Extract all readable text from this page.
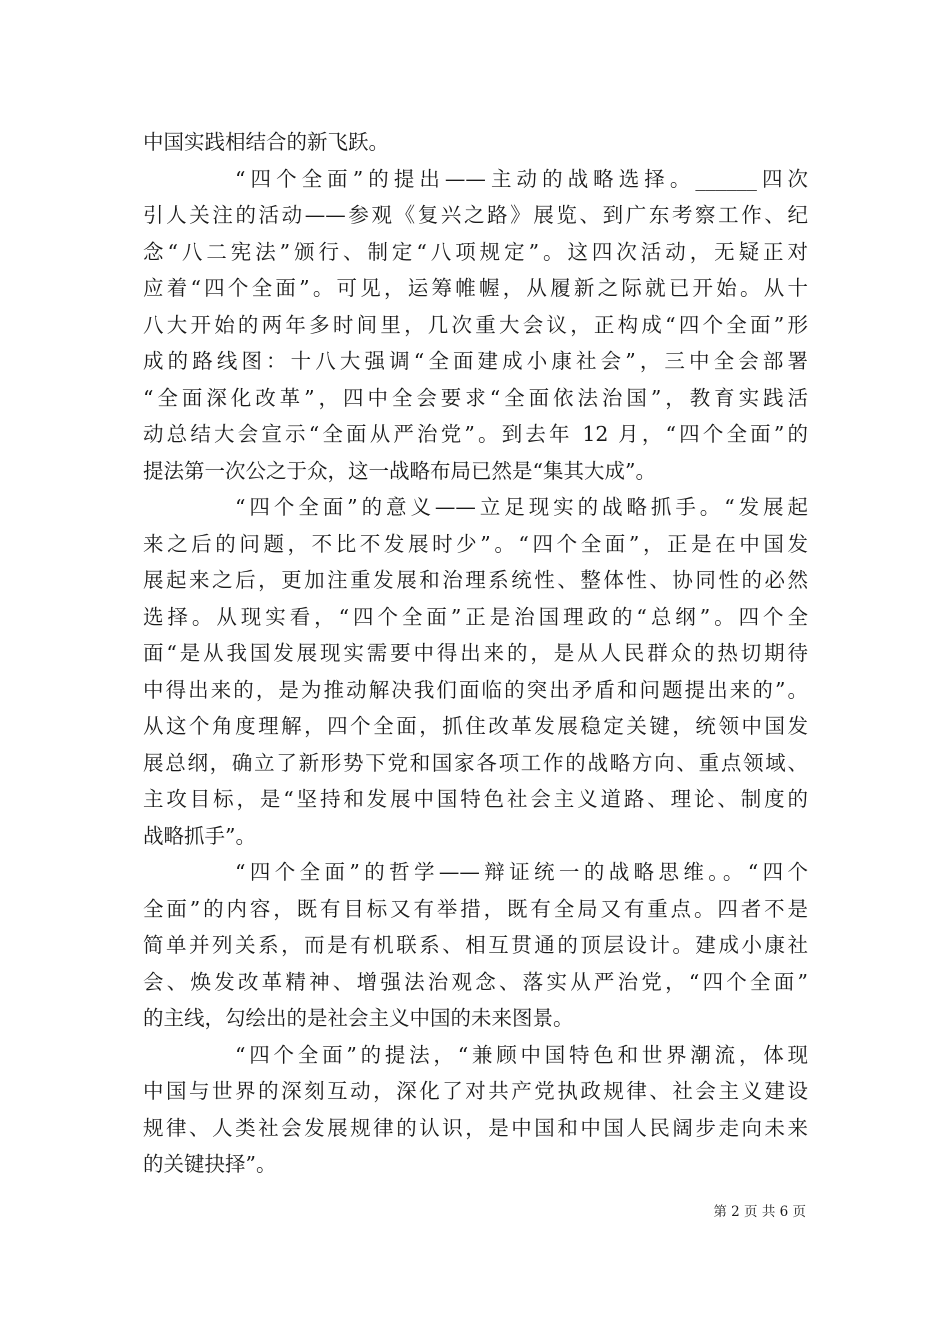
中国实践相结合的新飞跃。
“四个全面”的提出——主动的战略选择。______四次
引人关注的活动——参观《复兴之路》展览、到广东考察工作、纪
念“八二宪法”颁行、制定“八项规定”。这四次活动，无疑正对
应着“四个全面”。可见，运筹帷幄，从履新之际就已开始。从十
八大开始的两年多时间里，几次重大会议，正构成“四个全面”形
成的路线图：十八大强调“全面建成小康社会”，三中全会部署
“全面深化改革”，四中全会要求“全面依法治国”，教育实践活
动总结大会宣示“全面从严治党”。到去年 12 月，“四个全面”的
提法第一次公之于众，这一战略布局已然是“集其大成”。
“四个全面”的意义——立足现实的战略抓手。“发展起
来之后的问题，不比不发展时少”。“四个全面”，正是在中国发
展起来之后，更加注重发展和治理系统性、整体性、协同性的必然
选择。从现实看，“四个全面”正是治国理政的“总纲”。四个全
面“是从我国发展现实需要中得出来的，是从人民群众的热切期待
中得出来的，是为推动解决我们面临的突出矛盾和问题提出来的”。
从这个角度理解，四个全面，抓住改革发展稳定关键，统领中国发
展总纲，确立了新形势下党和国家各项工作的战略方向、重点领域、
主攻目标，是“坚持和发展中国特色社会主义道路、理论、制度的
战略抓手”。
“四个全面”的哲学——辩证统一的战略思维。。“四个
全面”的内容，既有目标又有举措，既有全局又有重点。四者不是
简单并列关系，而是有机联系、相互贯通的顶层设计。建成小康社
会、焕发改革精神、增强法治观念、落实从严治党，“四个全面”
的主线，勾绘出的是社会主义中国的未来图景。
“四个全面”的提法，“兼顾中国特色和世界潮流，体现
中国与世界的深刻互动，深化了对共产党执政规律、社会主义建设
规律、人类社会发展规律的认识，是中国和中国人民阔步走向未来
的关键抉择”。
第 2 页 共 6 页
